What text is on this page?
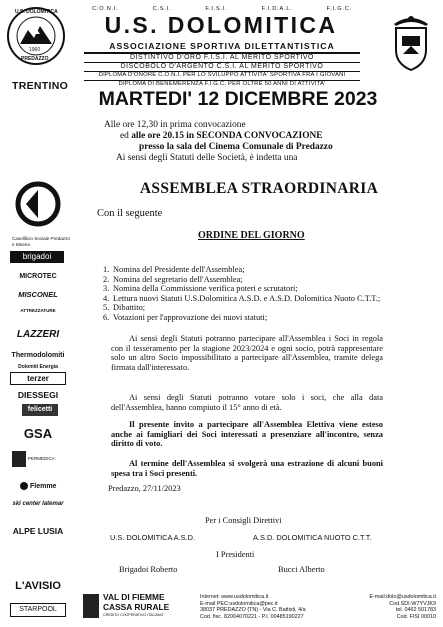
U.S. DOLOMITICA
1960
PREDAZZO
TRENTINO
C.O.N.I.	C.S.I.	F.I.S.I.	F.I.D.A.L.	F.I.G.C.
U.S. DOLOMITICA
ASSOCIAZIONE SPORTIVA DILETTANTISTICA
DISTINTIVO D'ORO F.I.S.I. AL MERITO SPORTIVO
DISCOBOLO D'ARGENTO C.S.I. AL MERITO SPORTIVO
DIPLOMA D'ONORE C.O.N.I. PER LO SVILUPPO ATTIVITA' SPORTIVA FRA I GIOVANI
DIPLOMA DI BENEMERENZA F.I.G.C. PER OLTRE 50 ANNI DI ATTIVITA'
MARTEDI' 12 DICEMBRE 2023
Casolificio Sociale Predazzo e Moena
brigadoi
MICROTEC
MISCONEL
ATTREZZATURE
LAZZERI
Thermodolomiti
Dolomiti Energia
terzer
DIESSEGI
felicetti
GSA
PERMEDICA
Flemme
ski center latemar
ALPE LUSIA
L'AVISIO
STARPOOL
Alle ore 12,30 in prima convocazione
ed alle ore 20.15 in SECONDA CONVOCAZIONE
presso la sala del Cinema Comunale di Predazzo
Ai sensi degli Statuti delle Società, è indetta una
ASSEMBLEA STRAORDINARIA
Con il seguente
ORDINE DEL GIORNO
1. Nomina del Presidente dell'Assemblea;
2. Nomina del segretario dell'Assemblea;
3. Nomina della Commissione verifica poteri e scrutatori;
4. Lettura nuovi Statuti U.S.Dolomitica A.S.D. e A.S.D. Dolomitica Nuoto C.T.T.;
5. Dibattito;
6. Votazioni per l'approvazione dei nuovi statuti;
Ai sensi degli Statuti potranno partecipare all'Assemblea i Soci in regola con il tesseramento per la stagione 2023/2024 e ogni socio, potrà rappresentare solo un altro Socio impossibilitato a partecipare all'Assemblea, tramite delega firmata dall'interessato.
Ai sensi degli Statuti potranno votare solo i soci, che alla data dell'Assemblea, hanno compiuto il 15° anno di età.
Il presente invito a partecipare all'Assemblea Elettiva viene esteso anche ai famigliari dei Soci interessati a presenziare all'incontro, senza diritto di voto.
Al termine dell'Assemblea si svolgerà una estrazione di alcuni buoni spesa tra i Soci presenti.
Predazzo, 27/11/2023
Per i Consigli Direttivi
U.S. DOLOMITICA A.S.D.	A.S.D. DOLOMITICA NUOTO C.T.T.
I Presidenti
Brigadoi Roberto	Bucci Alberto
VAL DI FIEMME
CASSA RURALE
CREDITO COOPERATIVO ITALIANO
Internet: www.usdolomitica.it
E-mail PEC:usdolomitica@pec.it
38037 PREDAZZO (TN) - Via C. Battisti, 4/a
Cod. fisc. 82004070221 - P.I. 00485190227
E-mail:dolo@usdolomitica.it
Cod.SDI-W7YVJK9
tel. 0462 501783
Cod. FISI 00010
